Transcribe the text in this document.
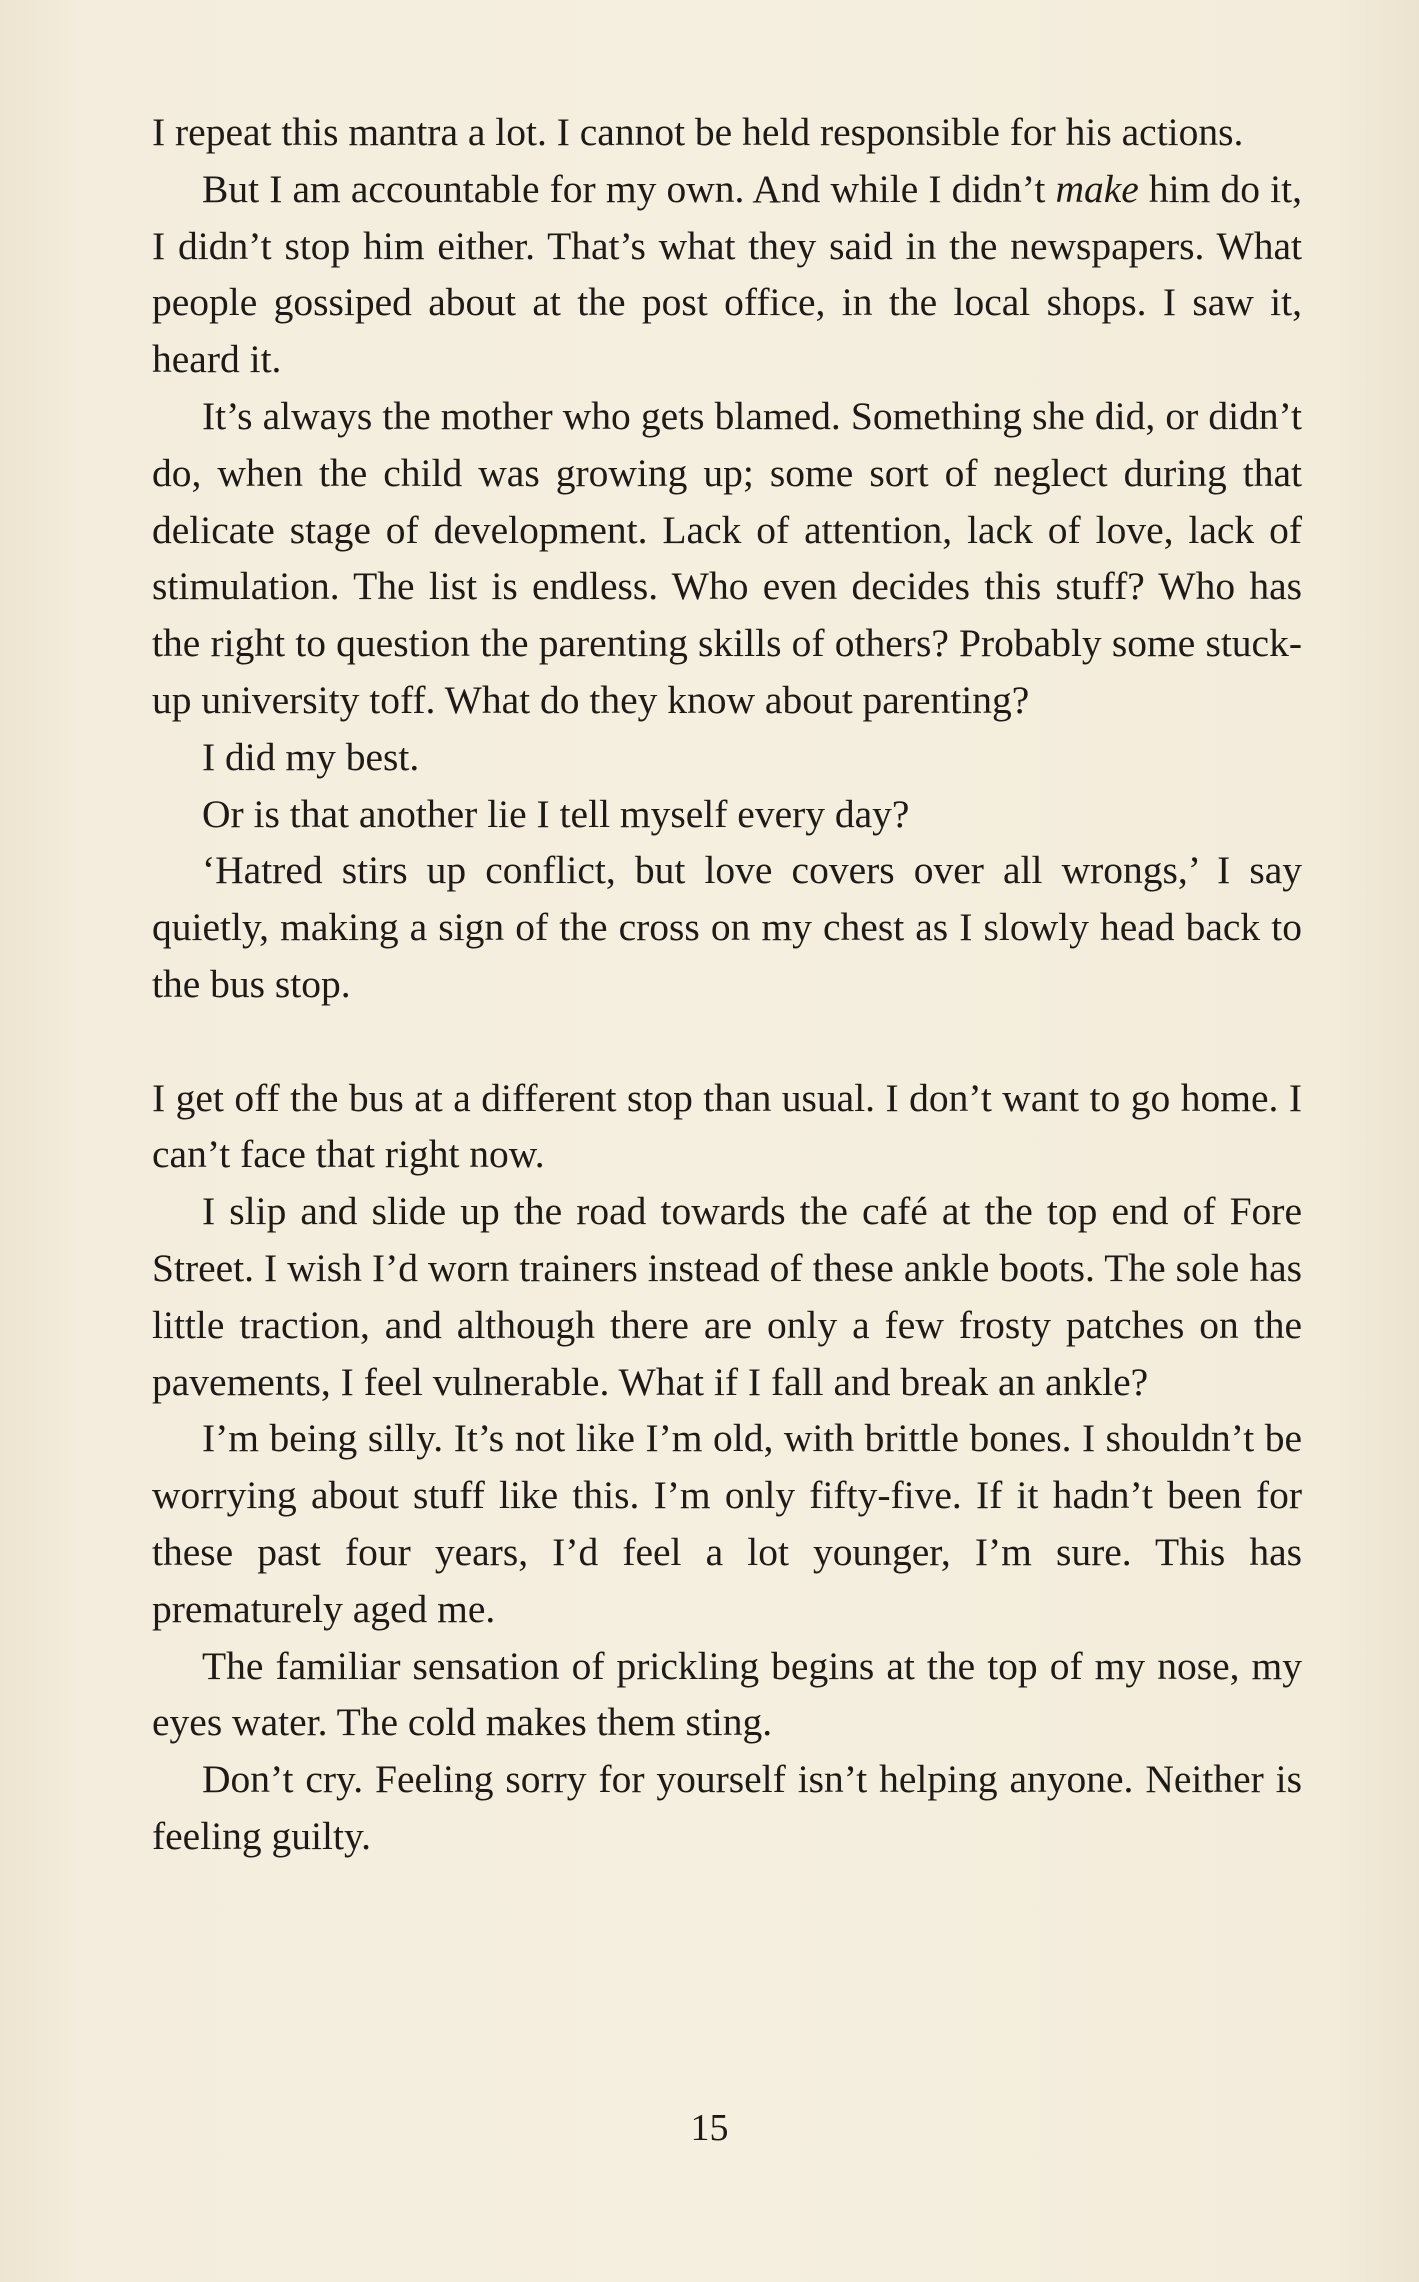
I repeat this mantra a lot. I cannot be held responsible for his actions.

But I am accountable for my own. And while I didn’t make him do it, I didn’t stop him either. That’s what they said in the newspapers. What people gossiped about at the post office, in the local shops. I saw it, heard it.

It’s always the mother who gets blamed. Something she did, or didn’t do, when the child was growing up; some sort of neglect during that delicate stage of development. Lack of attention, lack of love, lack of stimulation. The list is endless. Who even decides this stuff? Who has the right to question the parenting skills of others? Probably some stuck-up university toff. What do they know about parenting?

I did my best.

Or is that another lie I tell myself every day?

‘Hatred stirs up conflict, but love covers over all wrongs,’ I say quietly, making a sign of the cross on my chest as I slowly head back to the bus stop.

I get off the bus at a different stop than usual. I don’t want to go home. I can’t face that right now.

I slip and slide up the road towards the café at the top end of Fore Street. I wish I’d worn trainers instead of these ankle boots. The sole has little traction, and although there are only a few frosty patches on the pavements, I feel vulnerable. What if I fall and break an ankle?

I’m being silly. It’s not like I’m old, with brittle bones. I shouldn’t be worrying about stuff like this. I’m only fifty-five. If it hadn’t been for these past four years, I’d feel a lot younger, I’m sure. This has prematurely aged me.

The familiar sensation of prickling begins at the top of my nose, my eyes water. The cold makes them sting.

Don’t cry. Feeling sorry for yourself isn’t helping anyone. Neither is feeling guilty.

15
